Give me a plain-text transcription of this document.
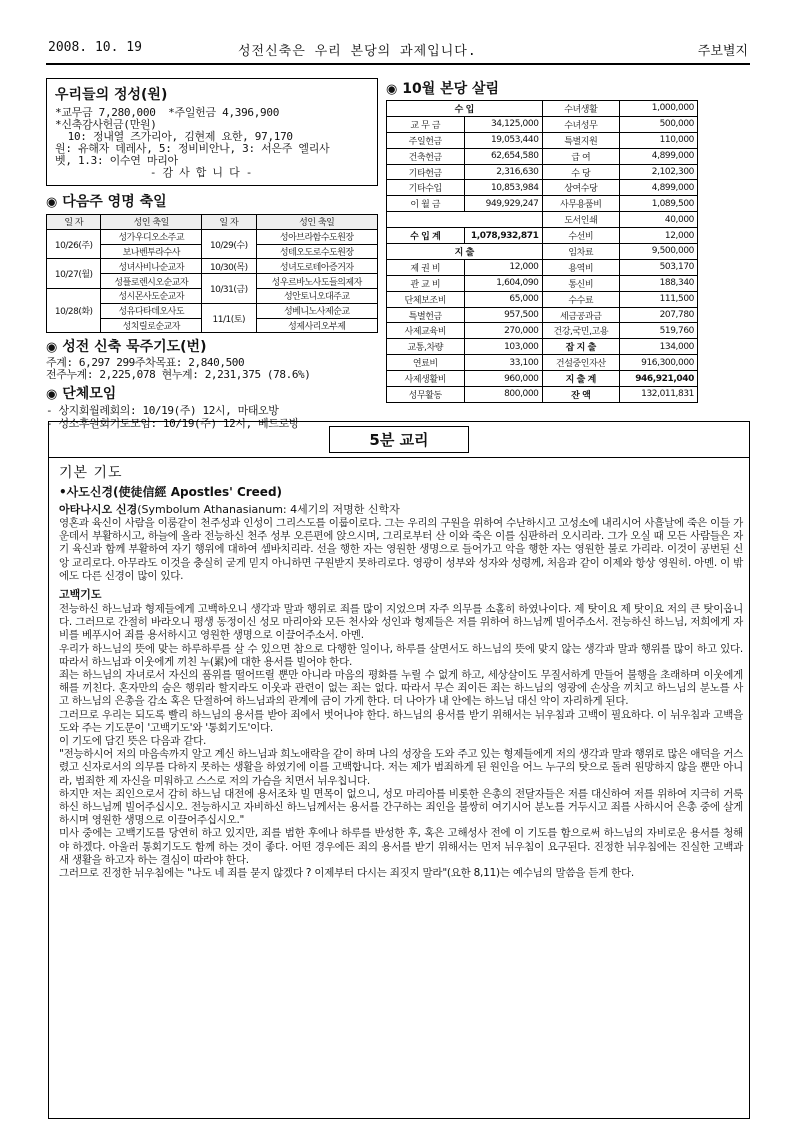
2008. 10. 19	성전신축은 우리 본당의 과제입니다.	주보별지
우리들의 정성(원)

*교무금 7,280,000  *주일헌금 4,396,900

*신축감사헌금(만원)

10: 정내열 즈가리아, 김현제 요한, 97,170

원: 유해자 데레사, 5: 정비비안나, 3: 서은주 엘리사

벳, 1.3: 이수연 마리아

- 감 사 합 니 다 -

◉ 다음주 영명 축일
일 자	성인 축일	일 자	성인 축일
10/26(주)	성가우디오소주교	10/29(수)	성아브라함수도원장
	보나벤투라수사		성테오도로수도원장
10/27(월)	성녀사비나순교자	10/30(목)	성녀도로테아증거자
	성플로렌시오순교자	10/31(금)	성우르바노사도들의제자
10/28(화)	성시몬사도순교자		성안토니오대주교
	성유다타데오사도	11/1(토)	성베니노사제순교
	성치릴로순교자		성제사리오부제
◉ 성전 신축 묵주기도(번)

주계: 6,297 299주차목표: 2,840,500

전주누계: 2,225,078 현누계: 2,231,375 (78.6%)

◉ 단체모임

- 상지회월례회의: 10/19(주) 12시, 마태오방

- 성소후원회기도모임: 10/19(주) 12시, 베드로방

◉ 10월 본당 살림
수 입		수녀생활	1,000,000
교 무 금	34,125,000	수녀성무	500,000
주일헌금	19,053,440	특별지원	110,000
건축헌금	62,654,580	급 여	4,899,000
기타헌금	2,316,630	수 당	2,102,300
기타수입	10,853,984	상여수당	4,899,000
이 월 금	949,929,247	사무용품비	1,089,500
		도서인쇄	40,000
수 입 계	1,078,932,871	수선비	12,000
지 출		임차료	9,500,000
제 권 비	12,000	용역비	503,170
관 교 비	1,604,090	통신비	188,340
단체보조비	65,000	수수료	111,500
특별헌금	957,500	세금공과금	207,780
사제교육비	270,000	건강,국민,고용	519,760
교통,차량	103,000	잡 지 출	134,000
연료비	33,100	건설중인자산	916,300,000
사제생활비	960,000	지 출 계	946,921,040
성무활동	800,000	잔 액	132,011,831
5분 교리
기본 기도
•사도신경(使徒信經 Apostles' Creed)
아타나시오 신경(Symbolum Athanasianum: 4세기의 저명한 신학자

영혼과 육신이 사람을 이룸같이 천주성과 인성이 그리스도를 이룹이로다. 그는 우리의 구원을 위하여 수난하시고 고성소에 내리시어 사흘날에 죽은 이들 가운데서 부활하시고, 하늘에 올라 전능하신 천주 성부 오른편에 앉으시며, 그리로부터 산 이와 죽은 이를 심판하러 오시리라. 그가 오실 때 모든 사람들은 자기 육신과 함께 부활하여 자기 행위에 대하여 셈바치리라. 선을 행한 자는 영원한 생명으로 들어가고 악을 행한 자는 영원한 불로 가리라. 이것이 공번된 신앙 교리로다. 아무라도 이것을 충실히 굳게 믿지 아니하면 구원받지 못하리로다. 영광이 성부와 성자와 성령께, 처음과 같이 이제와 항상 영원히. 아멘. 이 밖에도 다른 신경이 많이 있다.

고백기도

전능하신 하느님과 형제들에게 고백하오니 생각과 말과 행위로 죄를 많이 지었으며 자주 의무를 소홀히 하였나이다. 제 탓이요 제 탓이요 저의 큰 탓이옵니다. 그러므로 간절히 바라오니 평생 동정이신 성모 마리아와 모든 천사와 성인과 형제들은 저를 위하여 하느님께 빌어주소서. 전능하신 하느님, 저희에게 자비를 베푸시어 죄를 용서하시고 영원한 생명으로 이끌어주소서. 아멘.

우리가 하느님의 뜻에 맞는 하루하루를 살 수 있으면 참으로 다행한 일이나, 하루를 살면서도 하느님의 뜻에 맞지 않는 생각과 말과 행위를 많이 하고 있다. 따라서 하느님과 이웃에게 끼친 누(累)에 대한 용서를 빌어야 한다.

죄는 하느님의 자녀로서 자신의 품위를 떨어뜨릴 뿐만 아니라 마음의 평화를 누릴 수 없게 하고, 세상살이도 무질서하게 만들어 불행을 초래하며 이웃에게 해를 끼친다. 혼자만의 숨은 행위라 할지라도 이웃과 관련이 없는 죄는 없다. 따라서 무슨 죄이든 죄는 하느님의 영광에 손상을 끼치고 하느님의 분노를 사고 하느님의 은총을 감소 혹은 단절하여 하느님과의 관계에 금이 가게 한다. 더 나아가 내 안에는 하느님 대신 악이 자리하게 된다.

그러므로 우리는 되도록 빨리 하느님의 용서를 받아 죄에서 벗어나야 한다. 하느님의 용서를 받기 위해서는 뉘우침과 고백이 필요하다. 이 뉘우침과 고백을 도와 주는 기도문이 '고백기도'와 '통회기도'이다.

이 기도에 담긴 뜻은 다음과 같다.

"전능하시어 저의 마음속까지 알고 계신 하느님과 희노애락을 같이 하며 나의 성장을 도와 주고 있는 형제들에게 저의 생각과 말과 행위로 많은 애덕을 거스렸고 신자로서의 의무를 다하지 못하는 생활을 하였기에 이를 고백합니다. 저는 제가 범죄하게 된 원인을 어느 누구의 탓으로 돌려 원망하지 않을 뿐만 아니라, 범죄한 제 자신을 미워하고 스스로 저의 가슴을 치면서 뉘우칩니다.

하지만 저는 죄인으로서 감히 하느님 대전에 용서조차 빌 면목이 없으니, 성모 마리아를 비롯한 은총의 전달자들은 저를 대신하여 저를 위하여 지극히 거룩하신 하느님께 빌어주십시오. 전능하시고 자비하신 하느님께서는 용서를 간구하는 죄인을 불쌍히 여기시어 분노를 거두시고 죄를 사하시어 은총 중에 살게 하시며 영원한 생명으로 이끌어주십시오."

미사 중에는 고백기도를 당연히 하고 있지만, 죄를 범한 후에나 하루를 반성한 후, 혹은 고해성사 전에 이 기도를 함으로써 하느님의 자비로운 용서를 청해야 하겠다. 아울러 통회기도도 함께 하는 것이 좋다. 어떤 경우에든 죄의 용서를 받기 위해서는 먼저 뉘우침이 요구된다. 진정한 뉘우침에는 진실한 고백과 새 생활을 하고자 하는 결심이 따라야 한다.

그러므로 진정한 뉘우침에는 "나도 네 죄를 묻지 않겠다 ? 이제부터 다시는 죄짓지 말라"(요한 8,11)는 예수님의 말씀을 듣게 한다.
